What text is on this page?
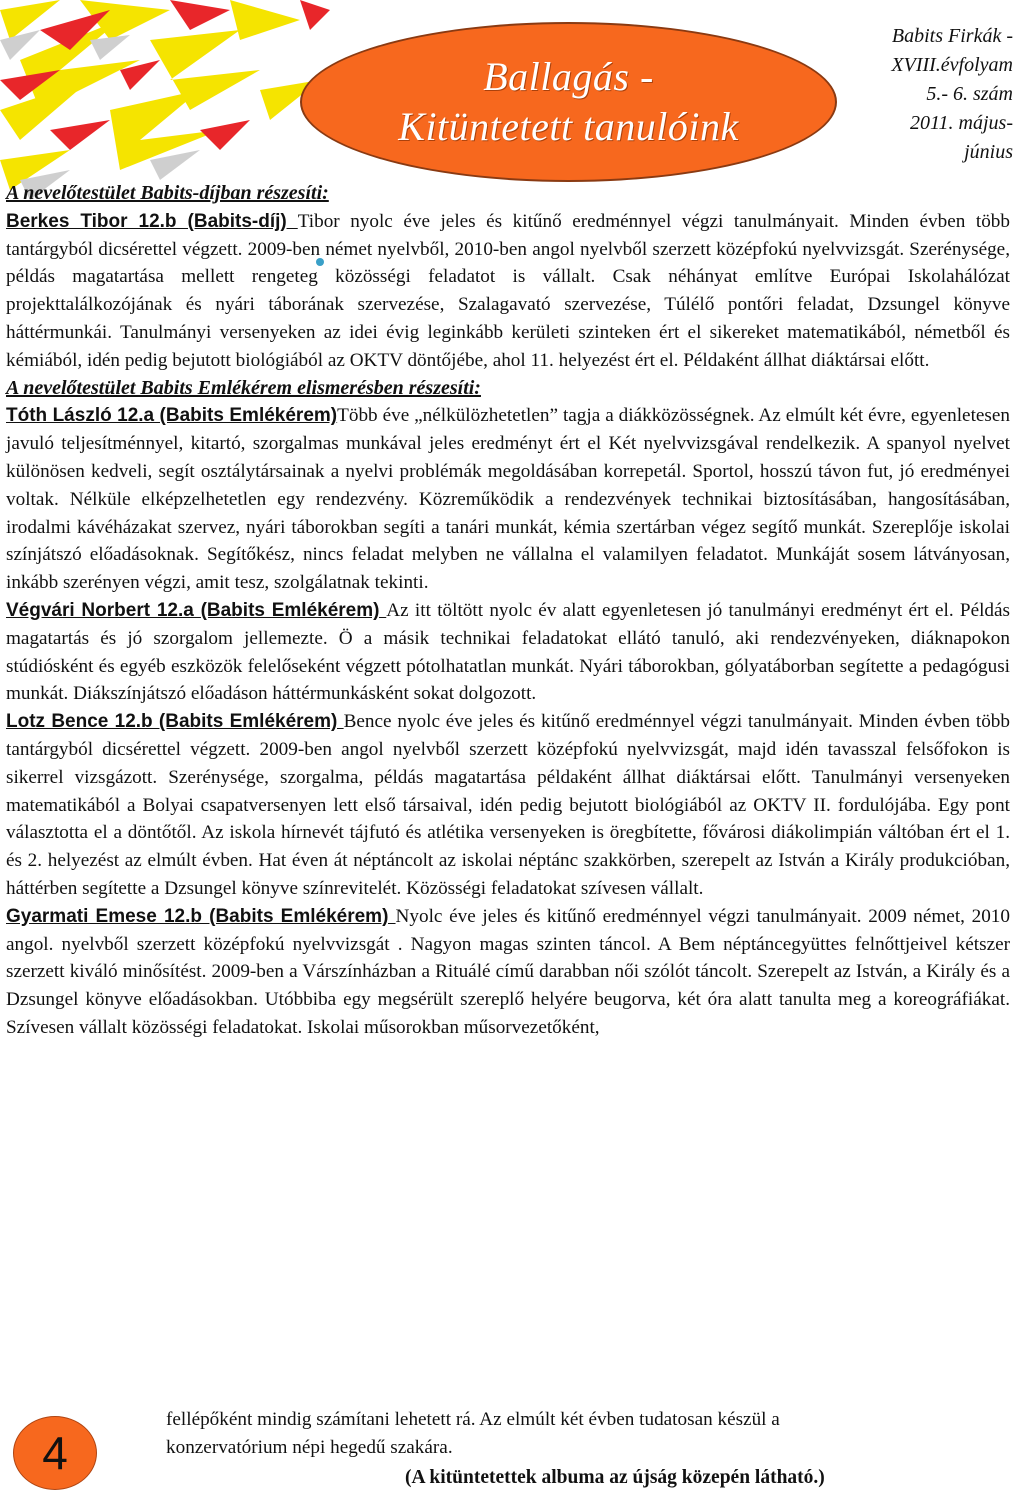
Ballagás -
Kitüntetett tanulóink
Babits Firkák -
XVIII.évfolyam
5.- 6. szám
2011. május-
június

A nevelőtestület Babits-díjban részesíti:

Berkes Tibor 12.b (Babits-díj) Tibor nyolc éve jeles és kitűnő eredménnyel végzi tanulmányait. Minden évben több tantárgyból dicsérettel végzett. 2009-ben német nyelvből, 2010-ben angol nyelvből szerzett középfokú nyelvvizsgát. Szerénysége, példás magatartása mellett rengeteg közösségi feladatot is vállalt. Csak néhányat említve Európai Iskolahálózat projekttalálkozójának és nyári táborának szervezése, Szalagavató szervezése, Túlélő pontőri feladat, Dzsungel könyve háttérmunkái. Tanulmányi versenyeken az idei évig leginkább kerületi szinteken ért el sikereket matematikából, németből és kémiából, idén pedig bejutott biológiából az OKTV döntőjébe, ahol 11. helyezést ért el. Példaként állhat diáktársai előtt.

A nevelőtestület Babits Emlékérem elismerésben részesíti:

Tóth László 12.a (Babits Emlékérem)Több éve „nélkülözhetetlen” tagja a diákközösségnek. Az elmúlt két évre, egyenletesen javuló teljesítménnyel, kitartó, szorgalmas munkával jeles eredményt ért el Két nyelvvizsgával rendelkezik. A spanyol nyelvet különösen kedveli, segít osztálytársainak a nyelvi problémák megoldásában korrepetál. Sportol, hosszú távon fut, jó eredményei voltak. Nélküle elképzelhetetlen egy rendezvény. Közreműködik a rendezvények technikai biztosításában, hangosításában, irodalmi kávéházakat szervez, nyári táborokban segíti a tanári munkát, kémia szertárban végez segítő munkát. Szereplője iskolai színjátszó előadásoknak. Segítőkész, nincs feladat melyben ne vállalna el valamilyen feladatot. Munkáját sosem látványosan, inkább szerényen végzi, amit tesz, szolgálatnak tekinti.

Végvári Norbert 12.a (Babits Emlékérem) Az itt töltött nyolc év alatt egyenletesen jó tanulmányi eredményt ért el. Példás magatartás és jó szorgalom jellemezte. Ö a másik technikai feladatokat ellátó tanuló, aki rendezvényeken, diáknapokon stúdiósként és egyéb eszközök felelőseként végzett pótolhatatlan munkát. Nyári táborokban, gólyatáborban segítette a pedagógusi munkát. Diákszínjátszó előadáson háttérmunkásként sokat dolgozott.

Lotz Bence 12.b (Babits Emlékérem) Bence nyolc éve jeles és kitűnő eredménnyel végzi tanulmányait. Minden évben több tantárgyból dicsérettel végzett. 2009-ben angol nyelvből szerzett középfokú nyelvvizsgát, majd idén tavasszal felsőfokon is sikerrel vizsgázott. Szerénysége, szorgalma, példás magatartása példaként állhat diáktársai előtt. Tanulmányi versenyeken matematikából a Bolyai csapatversenyen lett első társaival, idén pedig bejutott biológiából az OKTV II. fordulójába. Egy pont választotta el a döntőtől. Az iskola hírnevét tájfutó és atlétika versenyeken is öregbítette, fővárosi diákolimpián váltóban ért el 1. és 2. helyezést az elmúlt évben. Hat éven át néptáncolt az iskolai néptánc szakkörben, szerepelt az István a Király produkcióban, háttérben segítette a Dzsungel könyve színrevitelét. Közösségi feladatokat szívesen vállalt.

Gyarmati Emese 12.b (Babits Emlékérem) Nyolc éve jeles és kitűnő eredménnyel végzi tanulmányait. 2009 német, 2010 angol. nyelvből szerzett középfokú nyelvvizsgát . Nagyon magas szinten táncol. A Bem néptáncegyüttes felnőttjeivel kétszer szerzett kiváló minősítést. 2009-ben a Várszínházban a Rituálé című darabban női szólót táncolt. Szerepelt az István, a Király és a Dzsungel könyve előadásokban. Utóbbiba egy megsérült szereplő helyére beugorva, két óra alatt tanulta meg a koreográfiákat. Szívesen vállalt közösségi feladatokat. Iskolai műsorokban műsorvezetőként,

fellépőként mindig számítani lehetett rá. Az elmúlt két évben tudatosan készül a
konzervatórium népi hegedű szakára.
(A kitüntetettek albuma az újság közepén látható.)
4
